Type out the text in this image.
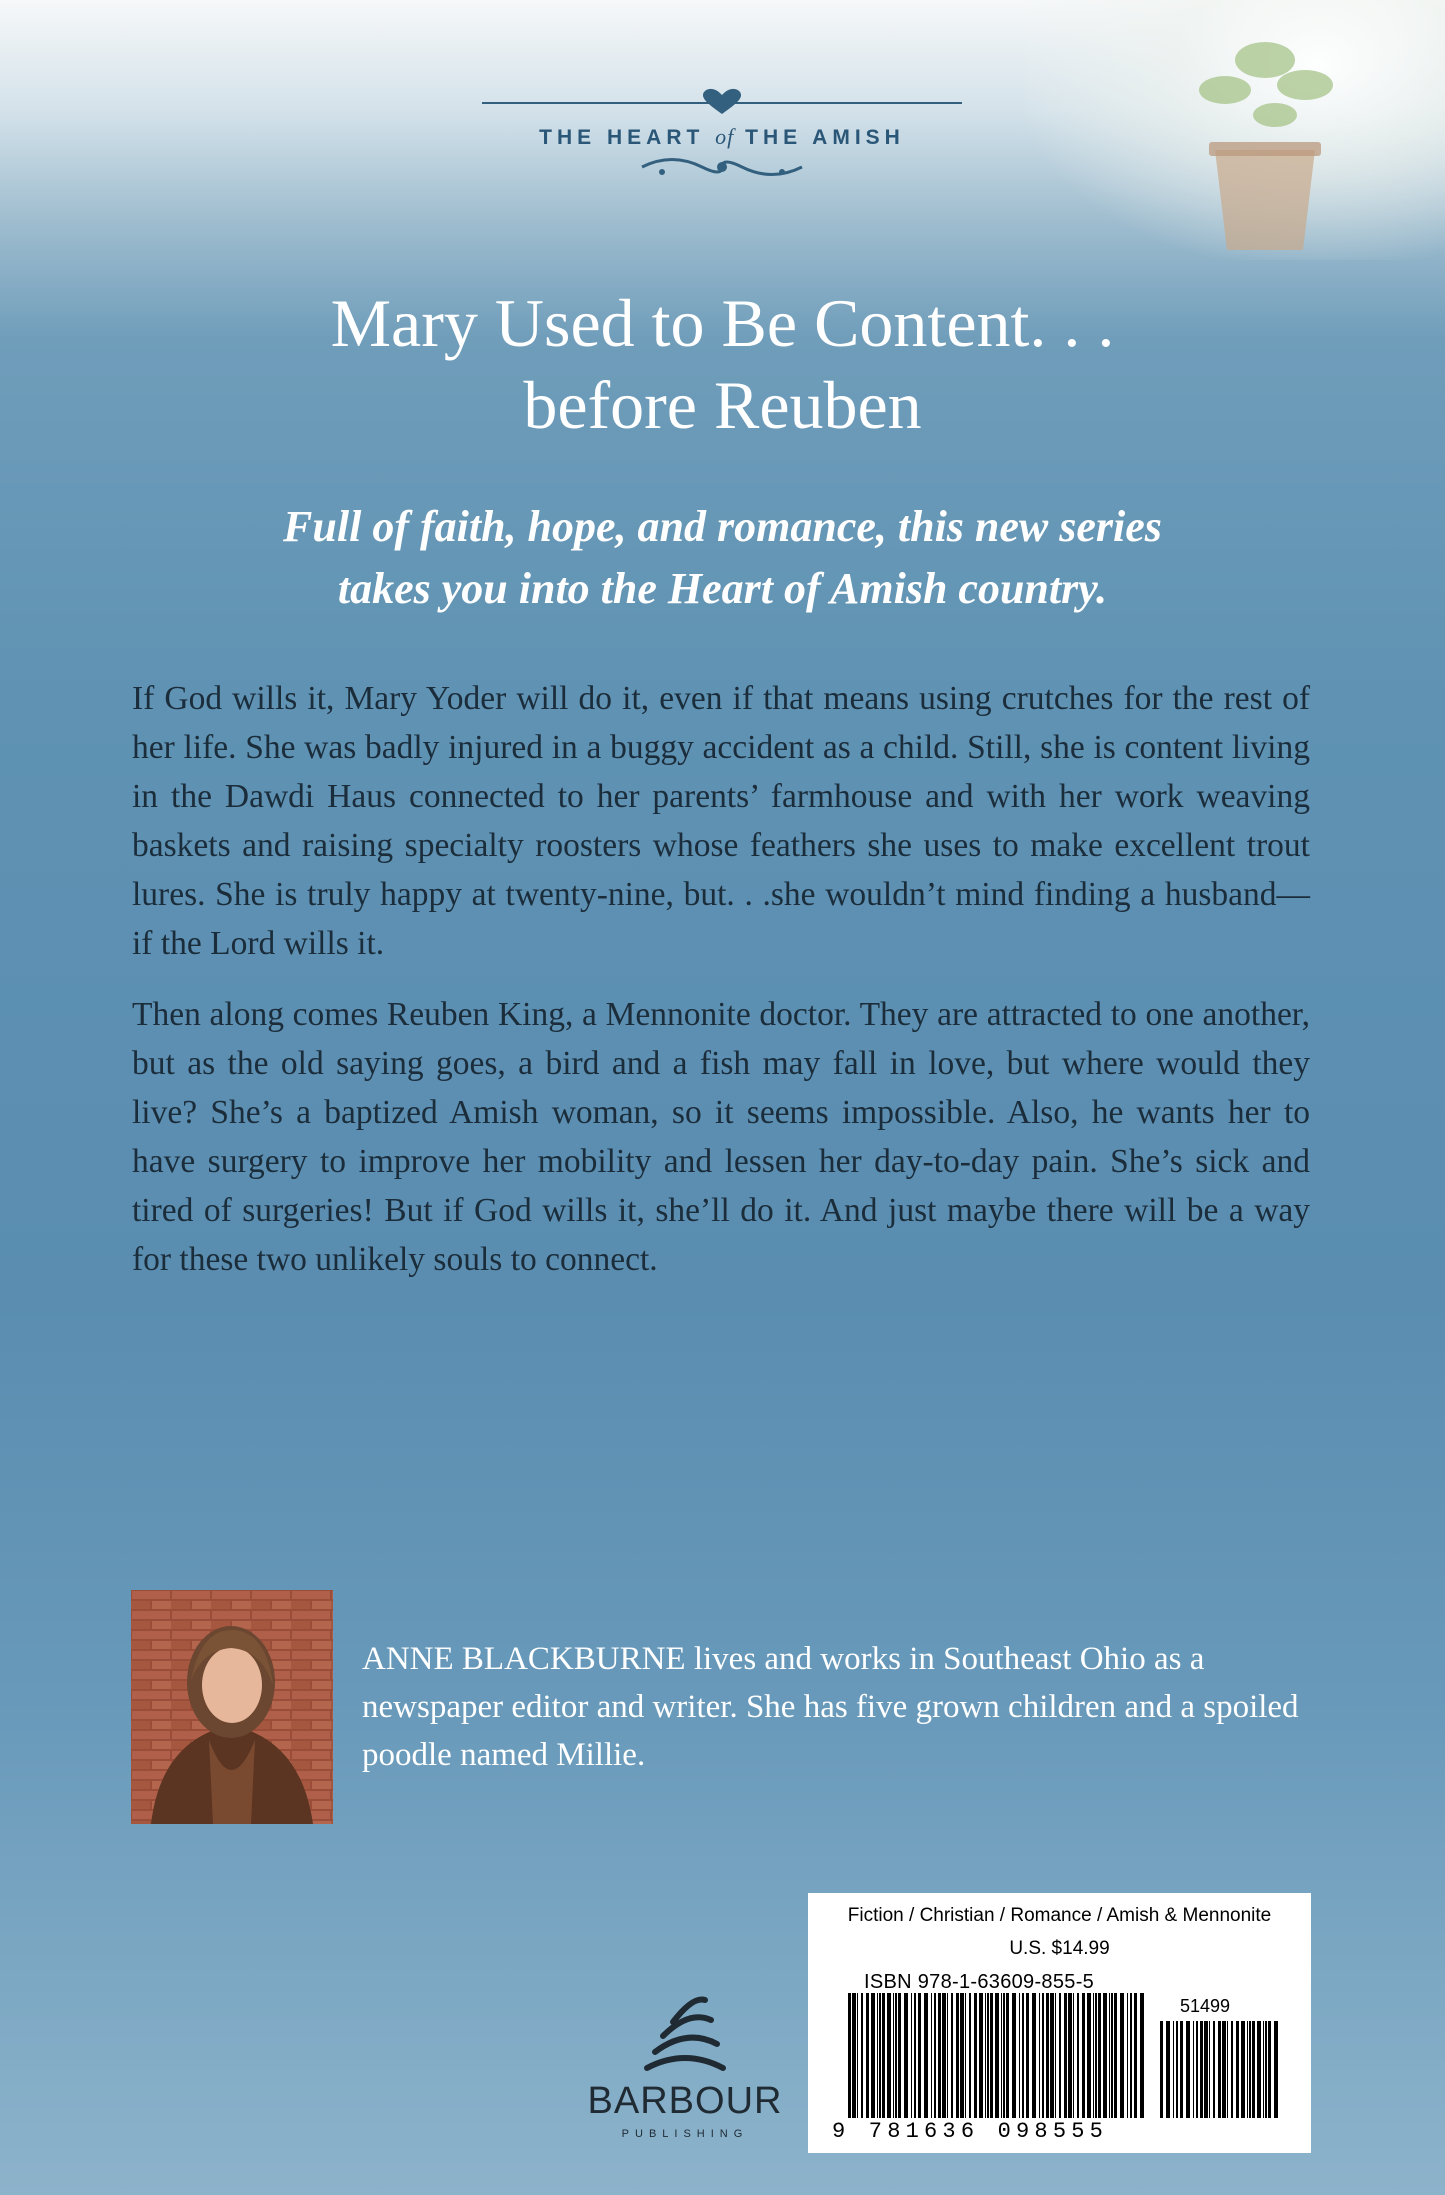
THE HEART of THE AMISH
Mary Used to Be Content. . .
before Reuben

Full of faith, hope, and romance, this new series
takes you into the Heart of Amish country.

If God wills it, Mary Yoder will do it, even if that means using crutches for the rest of her life. She was badly injured in a buggy accident as a child. Still, she is content living in the Dawdi Haus connected to her parents’ farmhouse and with her work weaving baskets and raising specialty roosters whose feathers she uses to make excellent trout lures. She is truly happy at twenty-nine, but. . .she wouldn’t mind finding a husband—if the Lord wills it.

Then along comes Reuben King, a Mennonite doctor. They are attracted to one another, but as the old saying goes, a bird and a fish may fall in love, but where would they live? She’s a baptized Amish woman, so it seems impossible. Also, he wants her to have surgery to improve her mobility and lessen her day-to-day pain. She’s sick and tired of surgeries! But if God wills it, she’ll do it. And just maybe there will be a way for these two unlikely souls to connect.

ANNE BLACKBURNE lives and works in Southeast Ohio as a newspaper editor and writer. She has five grown children and a spoiled poodle named Millie.

BARBOUR
PUBLISHING
Fiction / Christian / Romance / Amish & Mennonite
U.S. $14.99
ISBN 978-1-63609-855-5
51499
9 781636 098555
